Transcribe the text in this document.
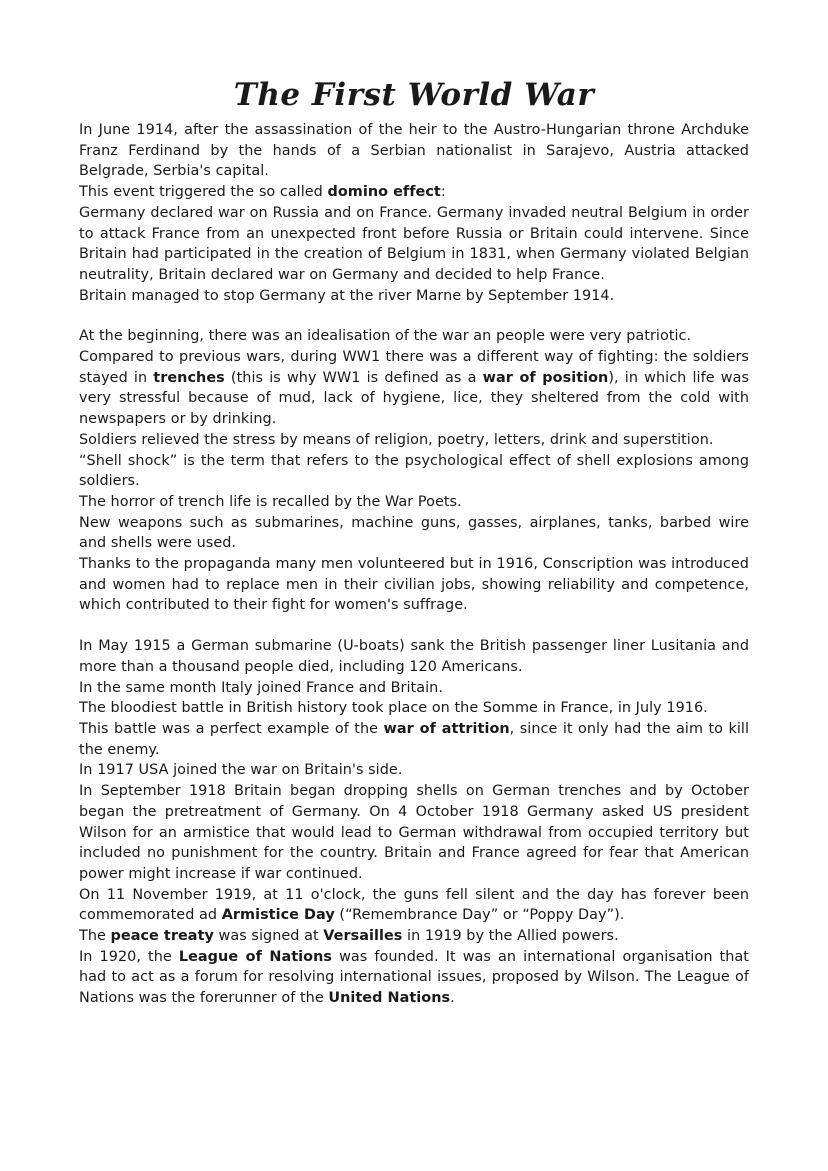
The First World War

In June 1914, after the assassination of the heir to the Austro-Hungarian throne Archduke Franz Ferdinand by the hands of a Serbian nationalist in Sarajevo, Austria attacked Belgrade, Serbia's capital.

This event triggered the so called domino effect:

Germany declared war on Russia and on France. Germany invaded neutral Belgium in order to attack France from an unexpected front before Russia or Britain could intervene. Since Britain had participated in the creation of Belgium in 1831, when Germany violated Belgian neutrality, Britain declared war on Germany and decided to help France.

Britain managed to stop Germany at the river Marne by September 1914.

At the beginning, there was an idealisation of the war an people were very patriotic.

Compared to previous wars, during WW1 there was a different way of fighting: the soldiers stayed in trenches (this is why WW1 is defined as a war of position), in which life was very stressful because of mud, lack of hygiene, lice, they sheltered from the cold with newspapers or by drinking.

Soldiers relieved the stress by means of religion, poetry, letters, drink and superstition.

“Shell shock” is the term that refers to the psychological effect of shell explosions among soldiers.

The horror of trench life is recalled by the War Poets.

New weapons such as submarines, machine guns, gasses, airplanes, tanks, barbed wire and shells were used.

Thanks to the propaganda many men volunteered but in 1916, Conscription was introduced and women had to replace men in their civilian jobs, showing reliability and competence, which contributed to their fight for women's suffrage.

In May 1915 a German submarine (U-boats) sank the British passenger liner Lusitania and more than a thousand people died, including 120 Americans.

In the same month Italy joined France and Britain.

The bloodiest battle in British history took place on the Somme in France, in July 1916.

This battle was a perfect example of the war of attrition, since it only had the aim to kill the enemy.

In 1917 USA joined the war on Britain's side.

In September 1918 Britain began dropping shells on German trenches and by October began the pretreatment of Germany. On 4 October 1918 Germany asked US president Wilson for an armistice that would lead to German withdrawal from occupied territory but included no punishment for the country. Britain and France agreed for fear that American power might increase if war continued.

On 11 November 1919, at 11 o'clock, the guns fell silent and the day has forever been commemorated ad Armistice Day (“Remembrance Day” or “Poppy Day”).

The peace treaty was signed at Versailles in 1919 by the Allied powers.

In 1920, the League of Nations was founded. It was an international organisation that had to act as a forum for resolving international issues, proposed by Wilson. The League of Nations was the forerunner of the United Nations.
